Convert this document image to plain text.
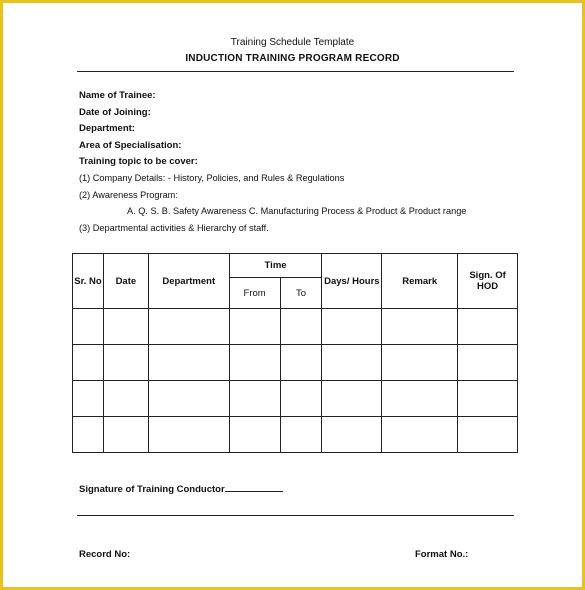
Training Schedule Template
INDUCTION TRAINING PROGRAM RECORD
Name of Trainee:
Date of Joining:
Department:
Area of Specialisation:
Training topic to be cover:
(1) Company Details: - History, Policies, and Rules & Regulations
(2) Awareness Program:
A. Q. S. B. Safety Awareness C. Manufacturing Process & Product & Product range
(3) Departmental activities & Hierarchy of staff.
Sr. No	Date	Department	Time		Days/ Hours	Remark	Sign. Of HOD
			From	To			

Signature of Training Conductor
Record No:	Format No.:
